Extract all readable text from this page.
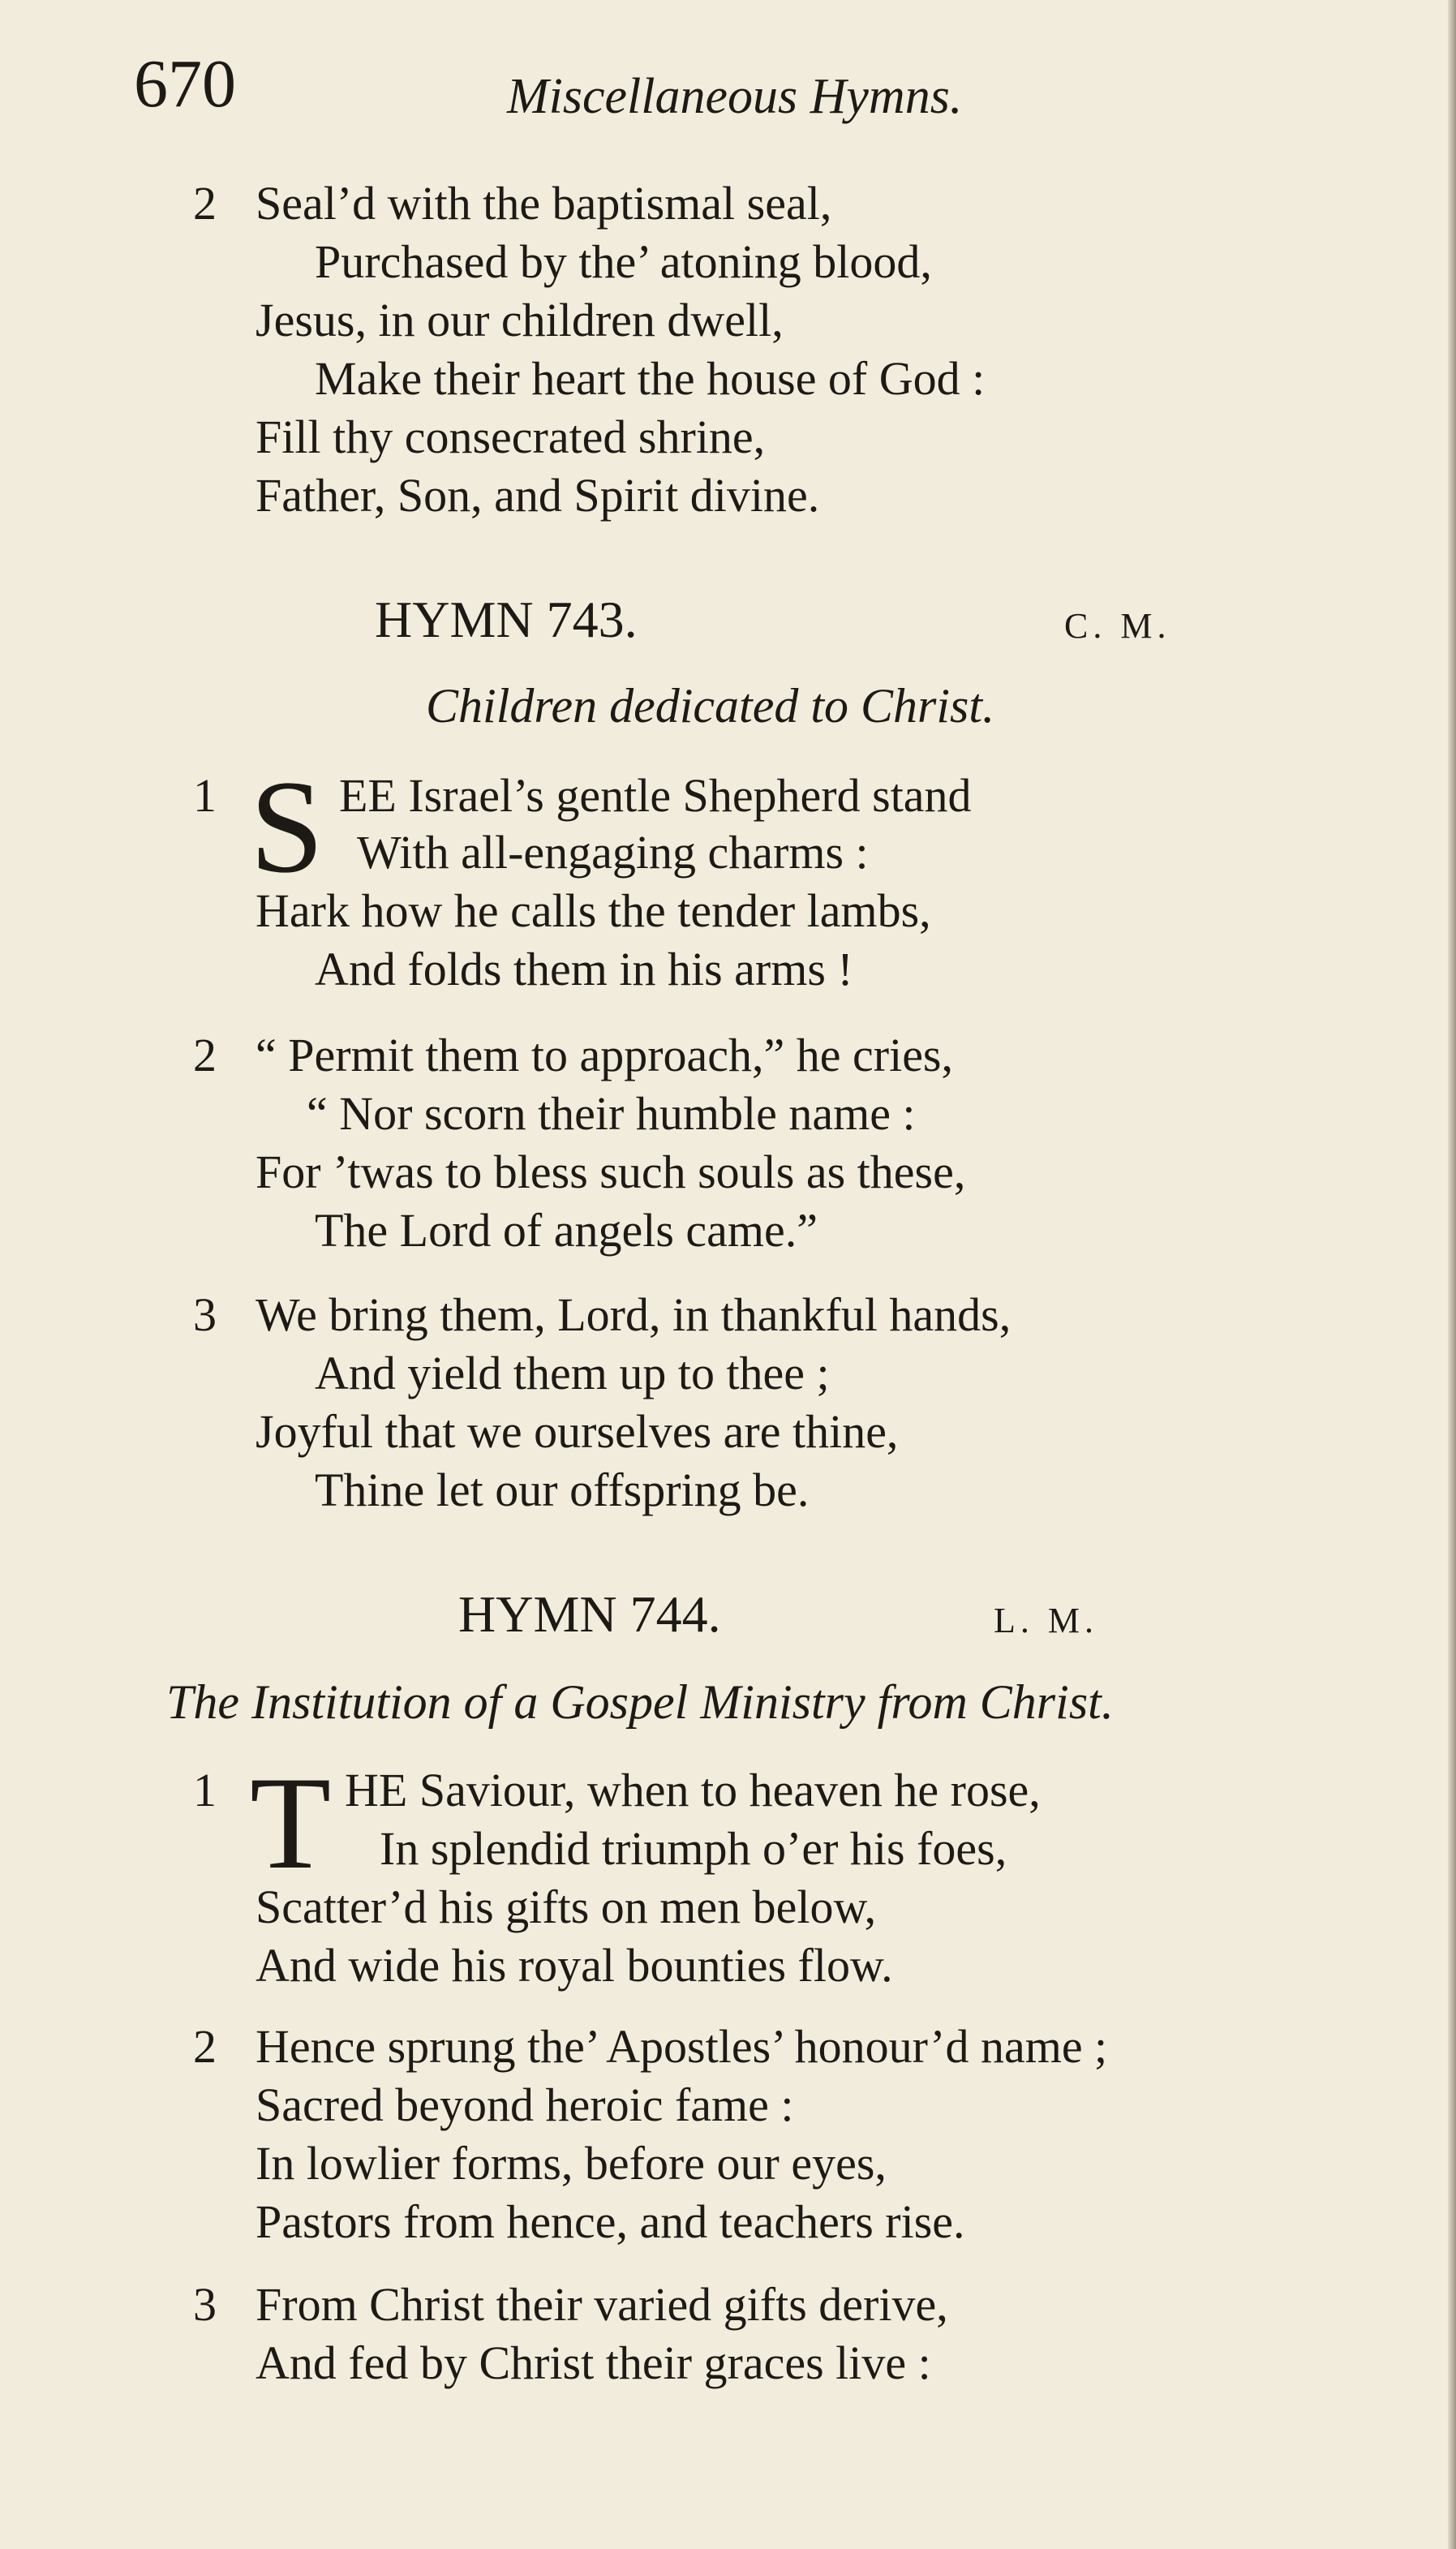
670	Miscellaneous Hymns.
2 Seal’d with the baptismal seal,
Purchased by the’ atoning blood,
Jesus, in our children dwell,
Make their heart the house of God :
Fill thy consecrated shrine,
Father, Son, and Spirit divine.
HYMN 743.	C. M.
Children dedicated to Christ.
1 S EE Israel’s gentle Shepherd stand
With all-engaging charms :
Hark how he calls the tender lambs,
And folds them in his arms !
2 “ Permit them to approach,” he cries,
“ Nor scorn their humble name :
For ’twas to bless such souls as these,
The Lord of angels came.”
3 We bring them, Lord, in thankful hands,
And yield them up to thee ;
Joyful that we ourselves are thine,
Thine let our offspring be.
HYMN 744.	L. M.
The Institution of a Gospel Ministry from Christ.
1 T HE Saviour, when to heaven he rose,
In splendid triumph o’er his foes,
Scatter’d his gifts on men below,
And wide his royal bounties flow.
2 Hence sprung the’ Apostles’ honour’d name ;
Sacred beyond heroic fame :
In lowlier forms, before our eyes,
Pastors from hence, and teachers rise.
3 From Christ their varied gifts derive,
And fed by Christ their graces live :
